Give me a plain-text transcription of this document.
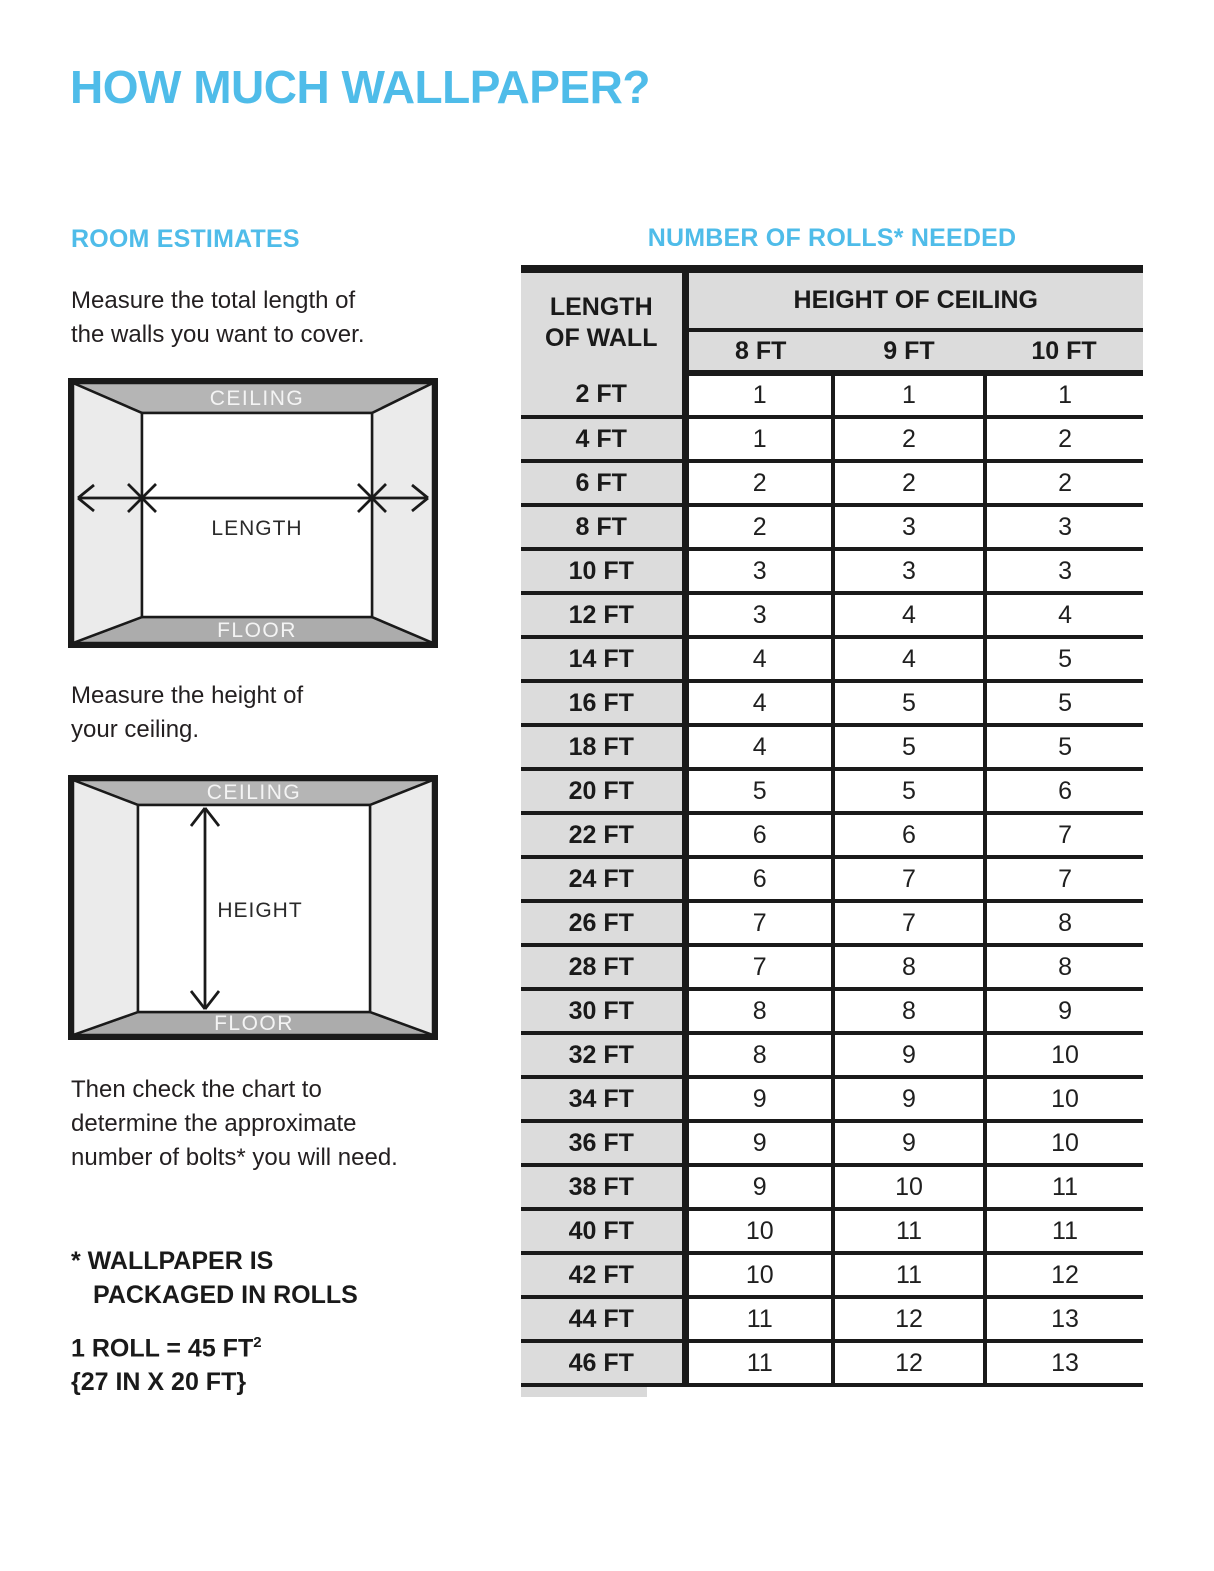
HOW MUCH WALLPAPER?
ROOM ESTIMATES

Measure the total length of
the walls you want to cover.

CEILING
FLOOR
LENGTH

Measure the height of
your ceiling.

CEILING
FLOOR
HEIGHT

Then check the chart to
determine the approximate
number of bolts* you will need.

* WALLPAPER IS
PACKAGED IN ROLLS

1 ROLL = 45 $FT^2$
{27 IN X 20 FT}

NUMBER OF ROLLS* NEEDED
LENGTH
OF WALL	HEIGHT OF CEILING		
	8 FT	9 FT	10 FT
2 FT	1	1	1
4 FT	1	2	2
6 FT	2	2	2
8 FT	2	3	3
10 FT	3	3	3
12 FT	3	4	4
14 FT	4	4	5
16 FT	4	5	5
18 FT	4	5	5
20 FT	5	5	6
22 FT	6	6	7
24 FT	6	7	7
26 FT	7	7	8
28 FT	7	8	8
30 FT	8	8	9
32 FT	8	9	10
34 FT	9	9	10
36 FT	9	9	10
38 FT	9	10	11
40 FT	10	11	11
42 FT	10	11	12
44 FT	11	12	13
46 FT	11	12	13
